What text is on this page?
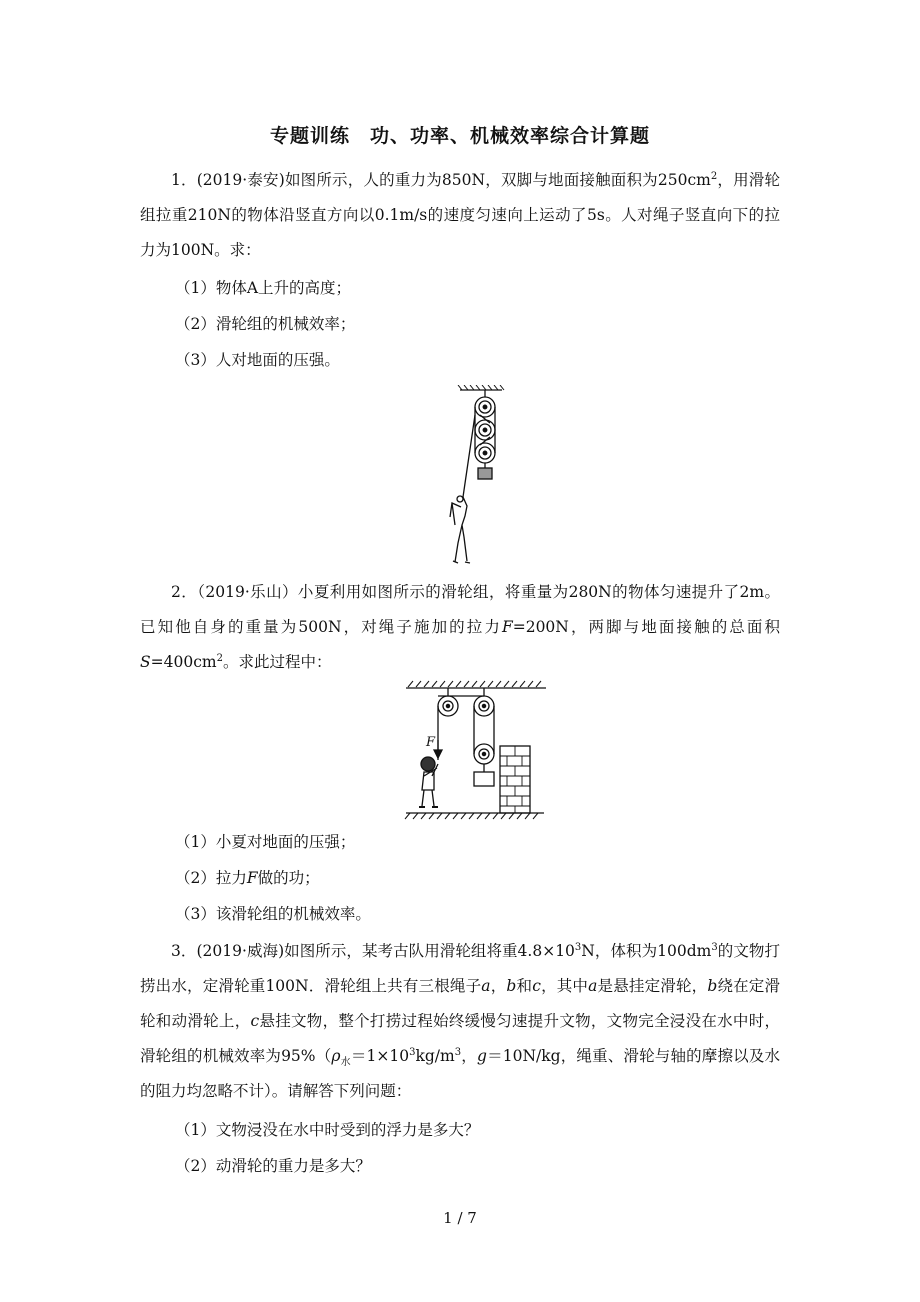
专题训练　功、功率、机械效率综合计算题
1．(2019·泰安)如图所示，人的重力为850N，双脚与地面接触面积为$250cm^2$，用滑轮组拉重210N的物体沿竖直方向以0.1m/s的速度匀速向上运动了5s。人对绳子竖直向下的拉力为100N。求：
（1）物体A上升的高度；
（2）滑轮组的机械效率；
（3）人对地面的压强。
2．（2019·乐山）小夏利用如图所示的滑轮组，将重量为280N的物体匀速提升了2m。已知他自身的重量为500N，对绳子施加的拉力F=200N，两脚与地面接触的总面积$S=400cm^2$。求此过程中：
F
（1）小夏对地面的压强；
（2）拉力F做的功；
（3）该滑轮组的机械效率。
3．(2019·威海)如图所示，某考古队用滑轮组将重$4.8\times 10^3N$，体积为$100dm^3$的文物打捞出水，定滑轮重100N．滑轮组上共有三根绳子a，b和c，其中a是悬挂定滑轮，b绕在定滑轮和动滑轮上，c悬挂文物，整个打捞过程始终缓慢匀速提升文物，文物完全浸没在水中时，滑轮组的机械效率为$95\%(\rho_水=1\times 10^3kg/m^3$，g＝10N/kg，绳重、滑轮与轴的摩擦以及水的阻力均忽略不计）。请解答下列问题：
（1）文物浸没在水中时受到的浮力是多大？
（2）动滑轮的重力是多大？
1 / 7
